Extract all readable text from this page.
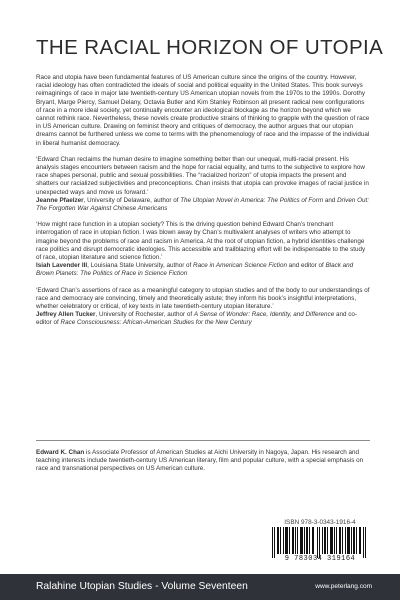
THE RACIAL HORIZON OF UTOPIA

Race and utopia have been fundamental features of US American culture since the origins of the country. However, racial ideology has often contradicted the ideals of social and political equality in the United States. This book surveys reimaginings of race in major late twentieth-century US American utopian novels from the 1970s to the 1990s. Dorothy Bryant, Marge Piercy, Samuel Delany, Octavia Butler and Kim Stanley Robinson all present radical new configurations of race in a more ideal society, yet continually encounter an ideological blockage as the horizon beyond which we cannot rethink race. Nevertheless, these novels create productive strains of thinking to grapple with the question of race in US American culture. Drawing on feminist theory and critiques of democracy, the author argues that our utopian dreams cannot be furthered unless we come to terms with the phenomenology of race and the impasse of the individual in liberal humanist democracy.

‘Edward Chan reclaims the human desire to imagine something better than our unequal, multi-racial present. His analysis stages encounters between racism and the hope for racial equality, and turns to the subjective to explore how race shapes personal, public and sexual possibilities. The “racialized horizon” of utopia impacts the present and shatters our racialized subjectivities and preconceptions. Chan insists that utopia can provoke images of racial justice in unexpected ways and move us forward.’

Jeanne Pfaelzer, University of Delaware, author of The Utopian Novel in America: The Politics of Form and Driven Out: The Forgotten War Against Chinese Americans

‘How might race function in a utopian society? This is the driving question behind Edward Chan’s trenchant interrogation of race in utopian fiction. I was blown away by Chan’s multivalent analyses of writers who attempt to imagine beyond the problems of race and racism in America. At the root of utopian fiction, a hybrid identities challenge race politics and disrupt democratic ideologies. This accessible and trailblazing effort will be indispensable to the study of race, utopian literature and science fiction.’

Isiah Lavender III, Louisiana State University, author of Race in American Science Fiction and editor of Black and Brown Planets: The Politics of Race in Science Fiction

‘Edward Chan’s assertions of race as a meaningful category to utopian studies and of the body to our understandings of race and democracy are convincing, timely and theoretically astute; they inform his book’s insightful interpretations, whether celebratory or critical, of key texts in late twentieth-century utopian literature.’

Jeffrey Allen Tucker, University of Rochester, author of A Sense of Wonder: Race, Identity, and Difference and co-editor of Race Consciousness: African-American Studies for the New Century

Edward K. Chan is Associate Professor of American Studies at Aichi University in Nagoya, Japan. His research and teaching interests include twentieth-century US American literary, film and popular culture, with a special emphasis on race and transnational perspectives on US American culture.
ISBN 978-3-0343-1916-4
9 783034 319164
Ralahine Utopian Studies - Volume Seventeen	www.peterlang.com
